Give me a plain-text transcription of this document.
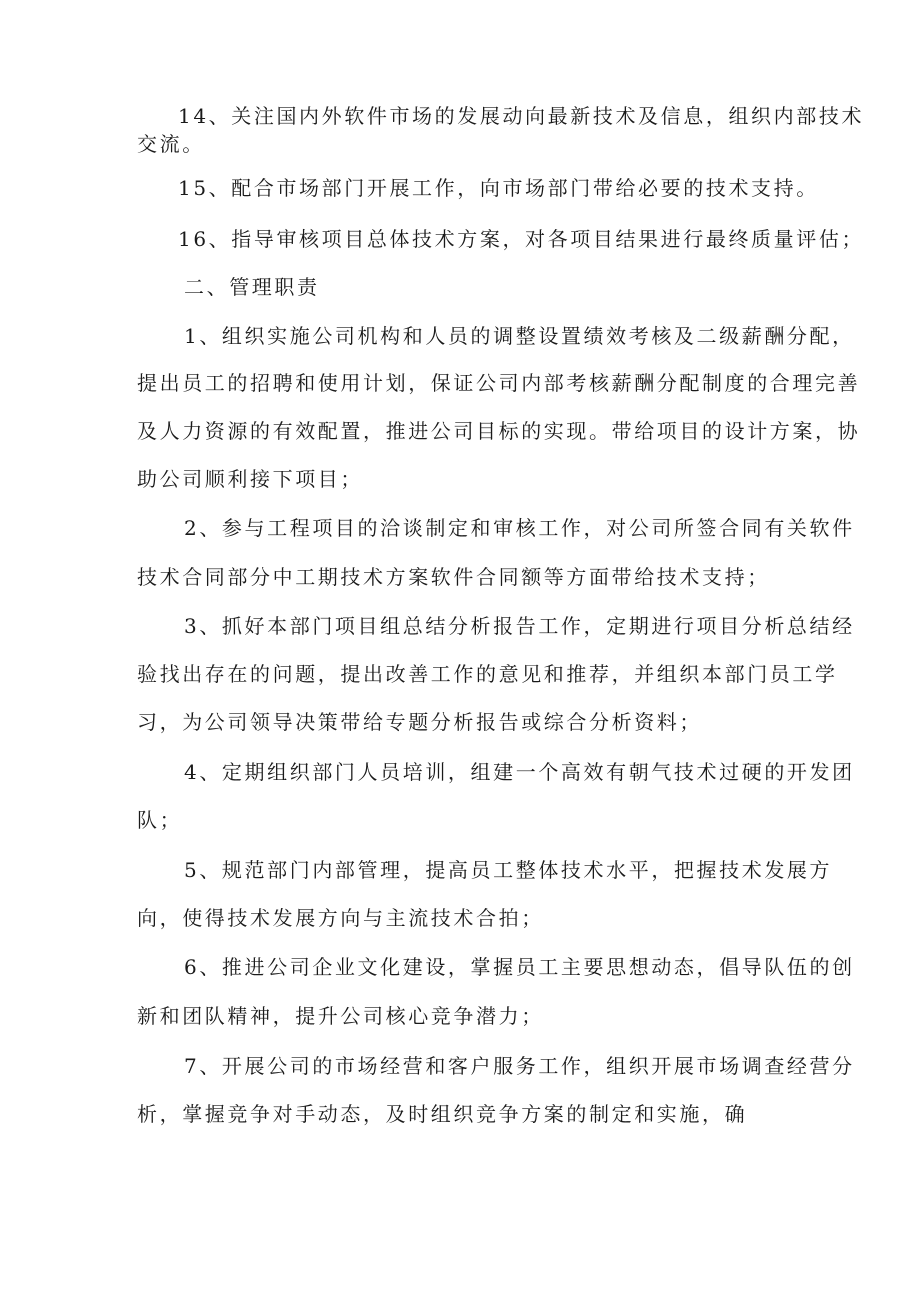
14、关注国内外软件市场的发展动向最新技术及信息，组织内部技术
交流。
15、配合市场部门开展工作，向市场部门带给必要的技术支持。
16、指导审核项目总体技术方案，对各项目结果进行最终质量评估；
二、管理职责
1、组织实施公司机构和人员的调整设置绩效考核及二级薪酬分配，
提出员工的招聘和使用计划，保证公司内部考核薪酬分配制度的合理完善
及人力资源的有效配置，推进公司目标的实现。带给项目的设计方案，协
助公司顺利接下项目；
2、参与工程项目的洽谈制定和审核工作，对公司所签合同有关软件
技术合同部分中工期技术方案软件合同额等方面带给技术支持；
3、抓好本部门项目组总结分析报告工作，定期进行项目分析总结经
验找出存在的问题，提出改善工作的意见和推荐，并组织本部门员工学
习，为公司领导决策带给专题分析报告或综合分析资料；
4、定期组织部门人员培训，组建一个高效有朝气技术过硬的开发团
队；
5、规范部门内部管理，提高员工整体技术水平，把握技术发展方
向，使得技术发展方向与主流技术合拍；
6、推进公司企业文化建设，掌握员工主要思想动态，倡导队伍的创
新和团队精神，提升公司核心竞争潜力；
7、开展公司的市场经营和客户服务工作，组织开展市场调查经营分
析，掌握竞争对手动态，及时组织竞争方案的制定和实施，确
